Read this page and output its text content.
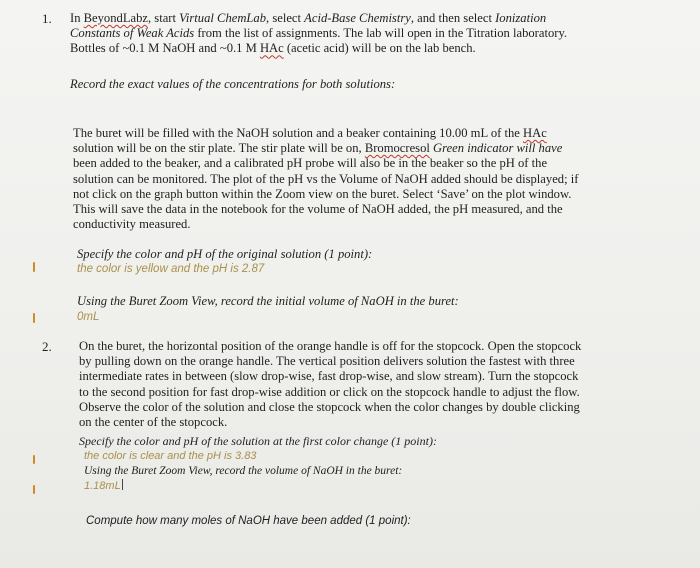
1. In BeyondLabz, start Virtual ChemLab, select Acid-Base Chemistry, and then select Ionization
Constants of Weak Acids from the list of assignments. The lab will open in the Titration laboratory.
Bottles of ~0.1 M NaOH and ~0.1 M HAc (acetic acid) will be on the lab bench.
Record the exact values of the concentrations for both solutions:
The buret will be filled with the NaOH solution and a beaker containing 10.00 mL of the HAc
solution will be on the stir plate. The stir plate will be on, Bromocresol Green indicator will have
been added to the beaker, and a calibrated pH probe will also be in the beaker so the pH of the
solution can be monitored. The plot of the pH vs the Volume of NaOH added should be displayed; if
not click on the graph button within the Zoom view on the buret. Select ‘Save’ on the plot window.
This will save the data in the notebook for the volume of NaOH added, the pH measured, and the
conductivity measured.
Specify the color and pH of the original solution (1 point):
the color is yellow and the pH is 2.87
Using the Buret Zoom View, record the initial volume of NaOH in the buret:
0mL
2. On the buret, the horizontal position of the orange handle is off for the stopcock. Open the stopcock
by pulling down on the orange handle. The vertical position delivers solution the fastest with three
intermediate rates in between (slow drop-wise, fast drop-wise, and slow stream). Turn the stopcock
to the second position for fast drop-wise addition or click on the stopcock handle to adjust the flow.
Observe the color of the solution and close the stopcock when the color changes by double clicking
on the center of the stopcock.
Specify the color and pH of the solution at the first color change (1 point):
the color is clear and the pH is 3.83
Using the Buret Zoom View, record the volume of NaOH in the buret:
1.18mL
Compute how many moles of NaOH have been added (1 point):
